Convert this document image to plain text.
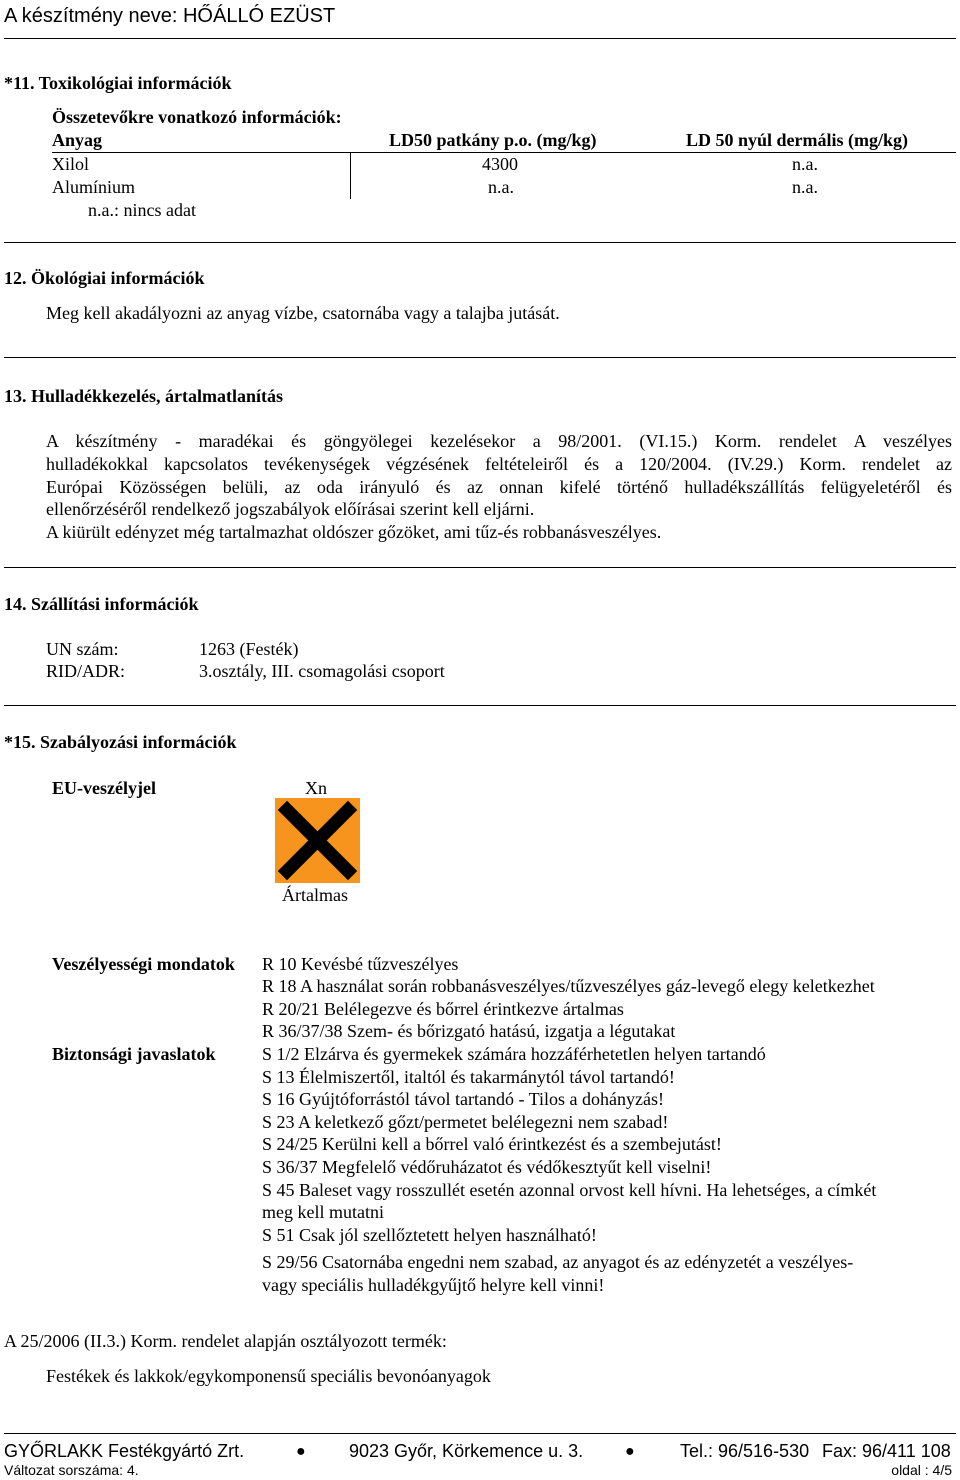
A készítmény neve: HŐÁLLÓ EZÜST
*11. Toxikológiai információk
Összetevőkre vonatkozó információk:
Anyag	LD50 patkány p.o. (mg/kg)	LD 50 nyúl dermális (mg/kg)
Xilol	4300	n.a.
Alumínium	n.a.	n.a.
n.a.: nincs adat
12. Ökológiai információk
Meg kell akadályozni az anyag vízbe, csatornába vagy a talajba jutását.
13. Hulladékkezelés, ártalmatlanítás
A készítmény - maradékai és göngyölegei kezelésekor a 98/2001. (VI.15.) Korm. rendelet A veszélyes
hulladékokkal kapcsolatos tevékenységek végzésének feltételeiről és a 120/2004. (IV.29.) Korm. rendelet az
Európai Közösségen belüli, az oda irányuló és az onnan kifelé történő hulladékszállítás felügyeletéről és
ellenőrzéséről rendelkező jogszabályok előírásai szerint kell eljárni.
A kiürült edényzet még tartalmazhat oldószer gőzöket, ami tűz-és robbanásveszélyes.
14. Szállítási információk
UN szám:	1263 (Festék)
RID/ADR:	3.osztály, III. csomagolási csoport
*15. Szabályozási információk
EU-veszélyjel	Xn
Ártalmas
Veszélyességi mondatok R 10 Kevésbé tűzveszélyes
R 18 A használat során robbanásveszélyes/tűzveszélyes gáz-levegő elegy keletkezhet
R 20/21 Belélegezve és bőrrel érintkezve ártalmas
R 36/37/38 Szem- és bőrizgató hatású, izgatja a légutakat
Biztonsági javaslatok	S 1/2 Elzárva és gyermekek számára hozzáférhetetlen helyen tartandó
S 13 Élelmiszertől, italtól és takarmánytól távol tartandó!
S 16 Gyújtóforrástól távol tartandó - Tilos a dohányzás!
S 23 A keletkező gőzt/permetet belélegezni nem szabad!
S 24/25 Kerülni kell a bőrrel való érintkezést és a szembejutást!
S 36/37 Megfelelő védőruházatot és védőkesztyűt kell viselni!
S 45 Baleset vagy rosszullét esetén azonnal orvost kell hívni. Ha lehetséges, a címkét
meg kell mutatni
S 51 Csak jól szellőztetett helyen használható!
S 29/56 Csatornába engedni nem szabad, az anyagot és az edényzetét a veszélyes-
vagy speciális hulladékgyűjtő helyre kell vinni!
A 25/2006 (II.3.) Korm. rendelet alapján osztályozott termék:
Festékek és lakkok/egykomponensű speciális bevonóanyagok
GYŐRLAKK Festékgyártó Zrt.	● 9023 Győr, Körkemence u. 3.	●	Tel.: 96/516-530 Fax: 96/411 108
Változat sorszáma: 4.	oldal : 4/5
